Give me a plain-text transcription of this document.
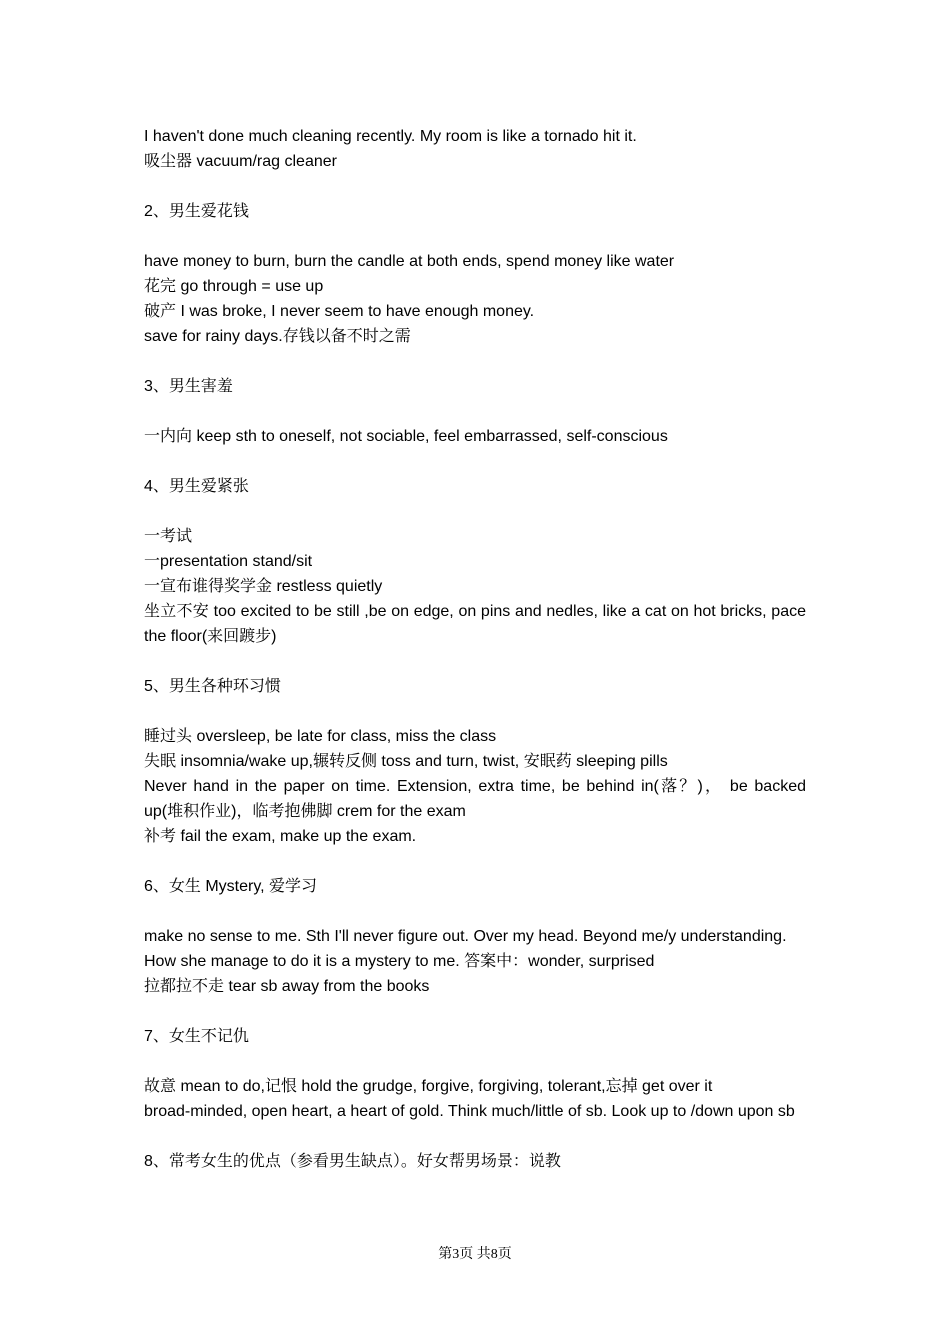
I haven't done much cleaning recently. My room is like a tornado hit it.

吸尘器 vacuum/rag cleaner

2、男生爱花钱

have money to burn, burn the candle at both ends, spend money like water

花完 go through = use up

破产 I was broke, I never seem to have enough money.

save for rainy days.存钱以备不时之需

3、男生害羞

一内向 keep sth to oneself, not sociable, feel embarrassed, self-conscious

4、男生爱紧张

一考试

一presentation stand/sit

一宣布谁得奖学金 restless quietly

坐立不安 too excited to be still ,be on edge, on pins and nedles, like a cat on hot bricks, pace the floor(来回踱步)

5、男生各种环习惯

睡过头 oversleep, be late for class, miss the class

失眠 insomnia/wake up,辗转反侧 toss and turn, twist, 安眠药 sleeping pills

Never hand in the paper on time. Extension, extra time, be behind in(落？)， be backed up(堆积作业)，临考抱佛脚 crem for the exam

补考 fail the exam, make up the exam.

6、女生 Mystery, 爱学习

make no sense to me. Sth I'll never figure out. Over my head. Beyond me/y understanding.

How she manage to do it is a mystery to me. 答案中：wonder, surprised

拉都拉不走 tear sb away from the books

7、女生不记仇

故意 mean to do,记恨 hold the grudge, forgive, forgiving, tolerant,忘掉 get over it

broad-minded, open heart, a heart of gold. Think much/little of sb. Look up to /down upon sb

8、常考女生的优点（参看男生缺点）。好女帮男场景：说教

第3页 共8页
